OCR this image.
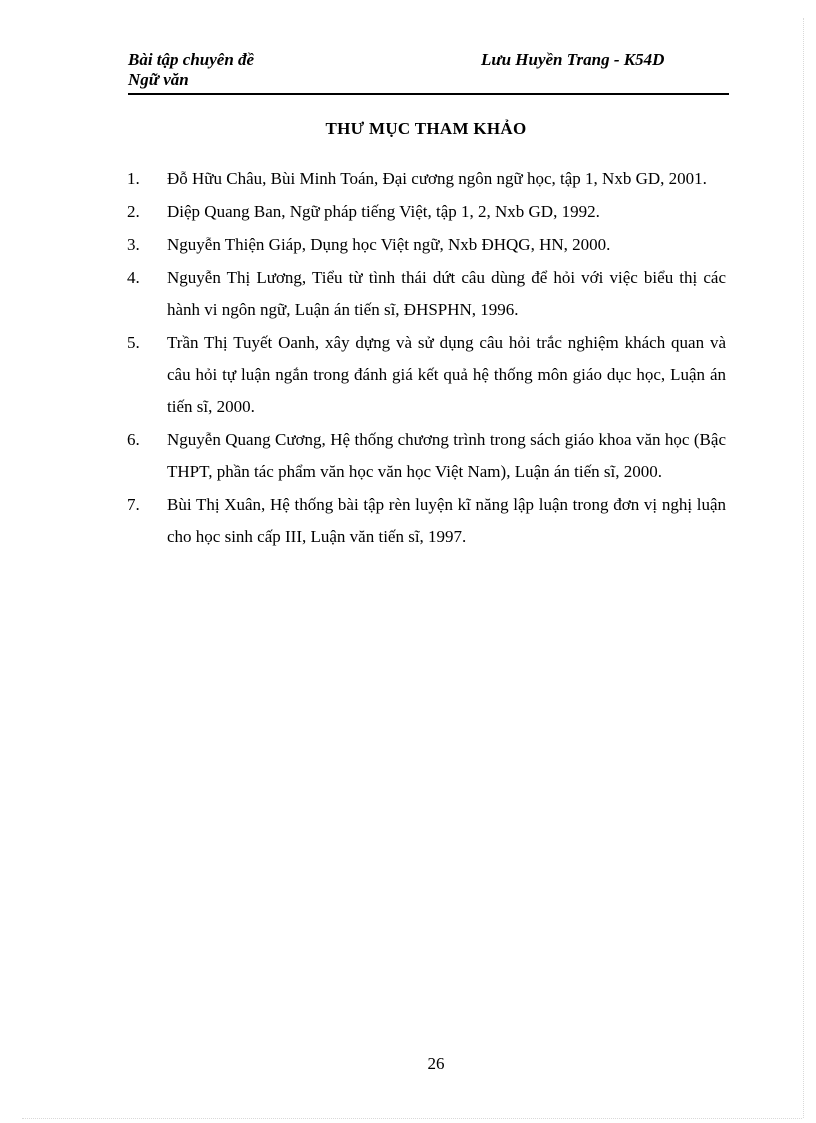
Bài tập chuyên đề
Ngữ văn
Lưu Huyền Trang - K54D
THƯ MỤC THAM KHẢO
1.	Đỗ Hữu Châu, Bùi Minh Toán, Đại cương ngôn ngữ học, tập 1, Nxb GD, 2001.
2.	Diệp Quang Ban, Ngữ pháp tiếng Việt, tập 1, 2, Nxb GD, 1992.
3.	Nguyễn Thiện Giáp, Dụng học Việt ngữ, Nxb ĐHQG, HN, 2000.
4.	Nguyễn Thị Lương, Tiểu từ tình thái dứt câu dùng để hỏi với việc biểu thị các hành vi ngôn ngữ, Luận án tiến sĩ, ĐHSPHN, 1996.
5.	Trần Thị Tuyết Oanh, xây dựng và sử dụng câu hỏi trắc nghiệm khách quan và câu hỏi tự luận ngắn trong đánh giá kết quả hệ thống môn giáo dục học, Luận án tiến sĩ, 2000.
6.	Nguyễn Quang Cương, Hệ thống chương trình trong sách giáo khoa văn học (Bậc THPT, phần tác phẩm văn học văn học Việt Nam), Luận án tiến sĩ, 2000.
7.	Bùi Thị Xuân, Hệ thống bài tập rèn luyện kĩ năng lập luận trong đơn vị nghị luận cho học sinh cấp III, Luận văn tiến sĩ, 1997.
26
